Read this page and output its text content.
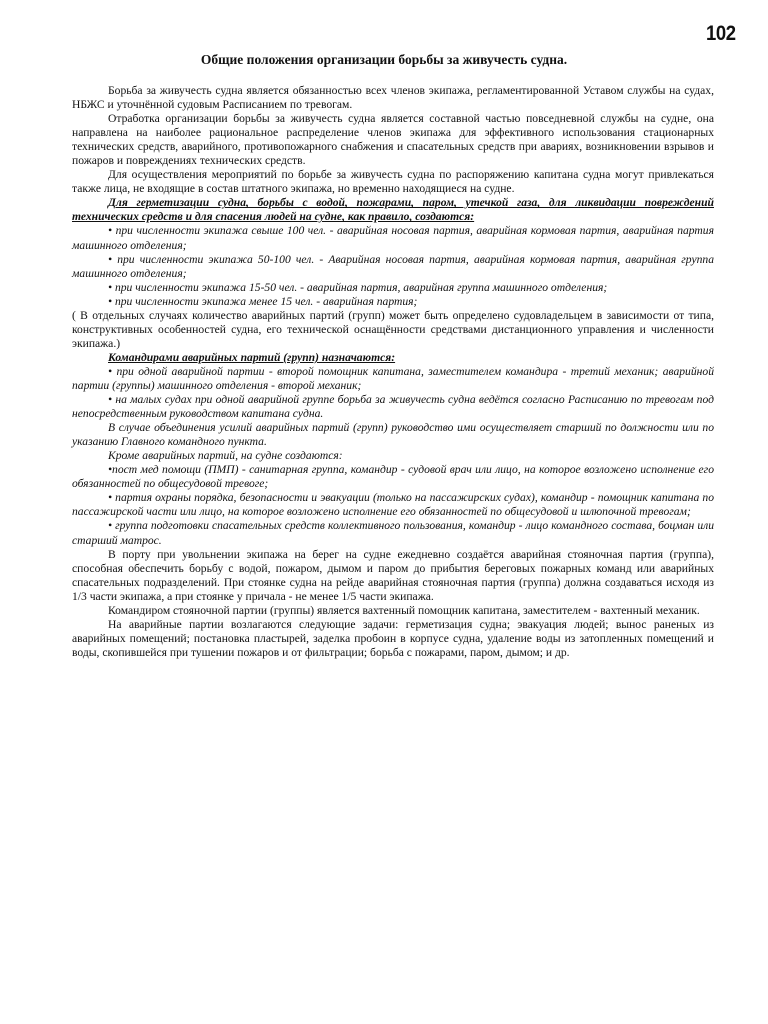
102
Общие положения организации борьбы за живучесть судна.

Борьба за живучесть судна является обязанностью всех членов экипажа, регламентированной Уставом службы на судах, НБЖС и уточнённой судовым Расписанием по тревогам.

Отработка организации борьбы за живучесть судна является составной частью повседневной службы на судне, она направлена на наиболее рациональное распределение членов экипажа для эффективного использования стационарных технических средств, аварийного, противопожарного снабжения и спасательных средств при авариях, возникновении взрывов и пожаров и повреждениях технических средств.

Для осуществления мероприятий по борьбе за живучесть судна по распоряжению капитана судна могут привлекаться также лица, не входящие в состав штатного экипажа, но временно находящиеся на судне.

Для герметизации судна, борьбы с водой, пожарами, паром, утечкой газа, для ликвидации повреждений технических средств и для спасения людей на судне, как правило, создаются:

• при численности экипажа свыше 100 чел. - аварийная носовая партия, аварийная кормовая партия, аварийная партия машинного отделения;

• при численности экипажа 50-100 чел. - Аварийная носовая партия, аварийная кормовая партия, аварийная группа машинного отделения;

• при численности экипажа 15-50 чел. - аварийная партия, аварийная группа машинного отделения;

• при численности экипажа менее 15 чел. - аварийная партия;

( В отдельных случаях количество аварийных партий (групп) может быть определено судовладельцем в зависимости от типа, конструктивных особенностей судна, его технической оснащённости средствами дистанционного управления и численности экипажа.)

Командирами аварийных партий (групп) назначаются:

• при одной аварийной партии - второй помощник капитана, заместителем командира - третий механик; аварийной партии (группы) машинного отделения - второй механик;

• на малых судах при одной аварийной группе борьба за живучесть судна ведётся согласно Расписанию по тревогам под непосредственным руководством капитана судна.

В случае объединения усилий аварийных партий (групп) руководство ими осуществляет старший по должности или по указанию Главного командного пункта.

Кроме аварийных партий, на судне создаются:

•пост мед помощи (ПМП) - санитарная группа, командир - судовой врач или лицо, на которое возложено исполнение его обязанностей по общесудовой тревоге;

• партия охраны порядка, безопасности и эвакуации (только на пассажирских судах), командир - помощник капитана по пассажирской части или лицо, на которое возложено исполнение его обязанностей по общесудовой и шлюпочной тревогам;

• группа подготовки спасательных средств коллективного пользования, командир - лицо командного состава, боцман или старший матрос.

В порту при увольнении экипажа на берег на судне ежедневно создаётся аварийная стояночная партия (группа), способная обеспечить борьбу с водой, пожаром, дымом и паром до прибытия береговых пожарных команд или аварийных спасательных подразделений. При стоянке судна на рейде аварийная стояночная партия (группа) должна создаваться исходя из 1/3 части экипажа, а при стоянке у причала - не менее 1/5 части экипажа.

Командиром стояночной партии (группы) является вахтенный помощник капитана, заместителем - вахтенный механик.

На аварийные партии возлагаются следующие задачи: герметизация судна; эвакуация людей; вынос раненых из аварийных помещений; постановка пластырей, заделка пробоин в корпусе судна, удаление воды из затопленных помещений и воды, скопившейся при тушении пожаров и от фильтрации; борьба с пожарами, паром, дымом; и др.
